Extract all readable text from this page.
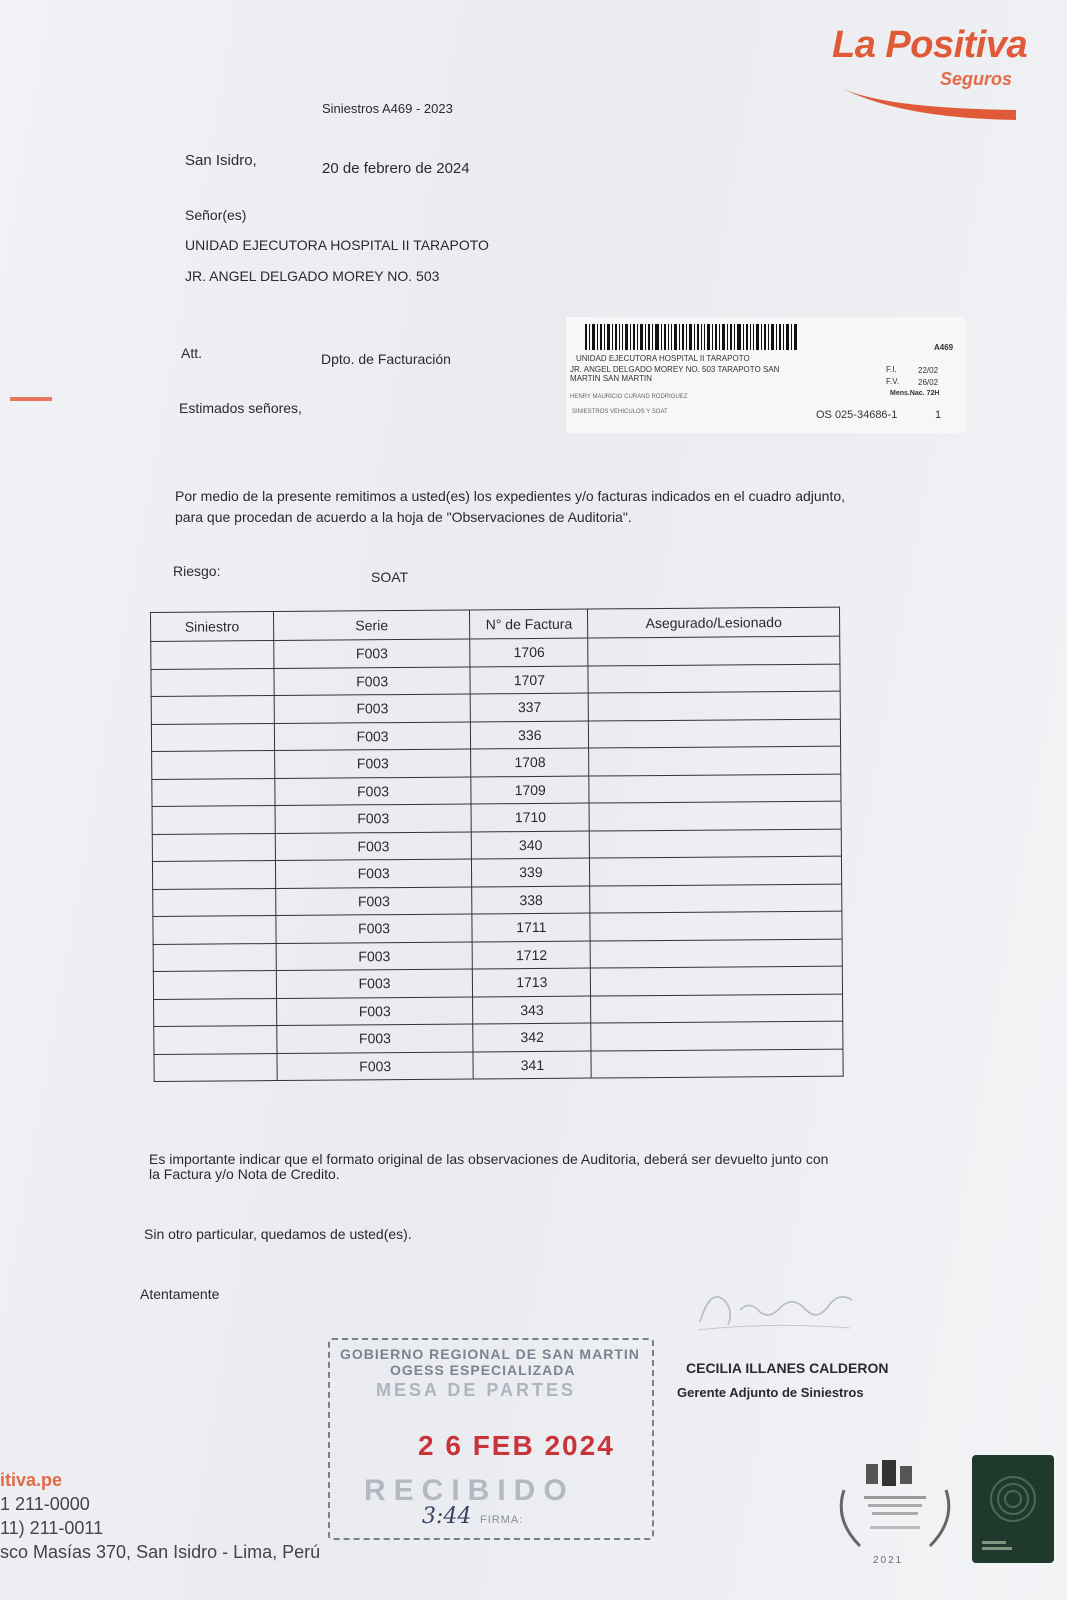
La Positiva
Seguros
Siniestros A469 - 2023
San Isidro,	20 de febrero de 2024
Señor(es)
UNIDAD EJECUTORA HOSPITAL II TARAPOTO
JR. ANGEL DELGADO MOREY NO. 503
Att.	Dpto. de Facturación
Estimados señores,
A469
UNIDAD EJECUTORA HOSPITAL II TARAPOTO
JR. ANGEL DELGADO MOREY NO. 503 TARAPOTO SAN
MARTIN SAN MARTIN
HENRY MAURICIO CURAND RODRIGUEZ
SINIESTROS VEHICULOS Y SOAT
F.I.	22/02
F.V. 26/02
Mens.Nac. 72H
OS 025-34686-1	1
Por medio de la presente remitimos a usted(es) los expedientes y/o facturas indicados en el cuadro adjunto,
para que procedan de acuerdo a la hoja de "Observaciones de Auditoria".
Riesgo:	SOAT
Siniestro	Serie	N° de Factura	Asegurado/Lesionado
	F003	1706	
	F003	1707	
	F003	337	
	F003	336	
	F003	1708	
	F003	1709	
	F003	1710	
	F003	340	
	F003	339	
	F003	338	
	F003	1711	
	F003	1712	
	F003	1713	
	F003	343	
	F003	342	
	F003	341	
Es importante indicar que el formato original de las observaciones de Auditoria, deberá ser devuelto junto con
la Factura y/o Nota de Credito.
Sin otro particular, quedamos de usted(es).
Atentamente
CECILIA ILLANES CALDERON
Gerente Adjunto de Siniestros
GOBIERNO REGIONAL DE SAN MARTIN
OGESS ESPECIALIZADA
MESA DE PARTES
2 6 FEB 2024
RECIBIDO
3:44 FIRMA:
itiva.pe
1 211-0000
11) 211-0011
sco Masías 370, San Isidro - Lima, Perú	2021
